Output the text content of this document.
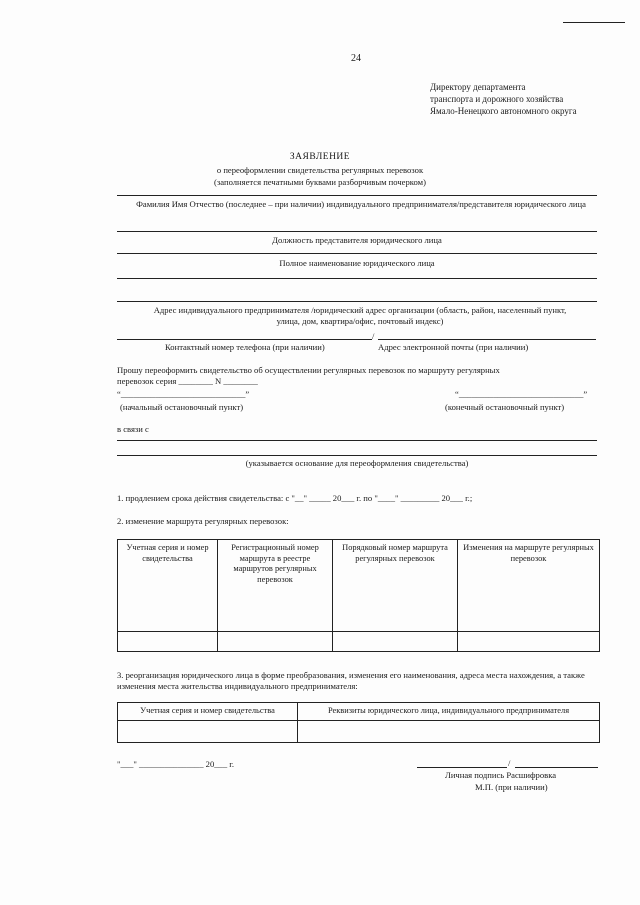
24
Директору департамента
транспорта и дорожного хозяйства
Ямало-Ненецкого автономного округа
ЗАЯВЛЕНИЕ
о переоформлении свидетельства регулярных перевозок
(заполняется печатными буквами разборчивым почерком)
Фамилия Имя Отчество (последнее – при наличии) индивидуального предпринимателя/представителя юридического лица
Должность представителя юридического лица
Полное наименование юридического лица
Адрес индивидуального предпринимателя /юридический адрес организации (область, район, населенный пункт, улица, дом, квартира/офис, почтовый индекс)
/
Контактный номер телефона (при наличии)	Адрес электронной почты (при наличии)
Прошу переоформить свидетельство об осуществлении регулярных перевозок по маршруту регулярных
перевозок серия ________ N ________
“_____________________________”	“_____________________________”
(начальный остановочный пункт)	(конечный остановочный пункт)
в связи с
(указывается основание для переоформления свидетельства)
1. продлением срока действия свидетельства: с "__" _____ 20___ г. по "____" _________ 20___ г.;
2. изменение маршрута регулярных перевозок:
Учетная серия и номер свидетельства	Регистрационный номер маршрута в реестре маршрутов регулярных перевозок	Порядковый номер маршрута регулярных перевозок	Изменения на маршруте регулярных перевозок

3. реорганизация юридического лица в форме преобразования, изменения его наименования, адреса места нахождения, а также изменения места жительства индивидуального предпринимателя:
Учетная серия и номер свидетельства	Реквизиты юридического лица, индивидуального предпринимателя

"___" _______________ 20___ г.	/
Личная подпись Расшифровка
М.П. (при наличии)
